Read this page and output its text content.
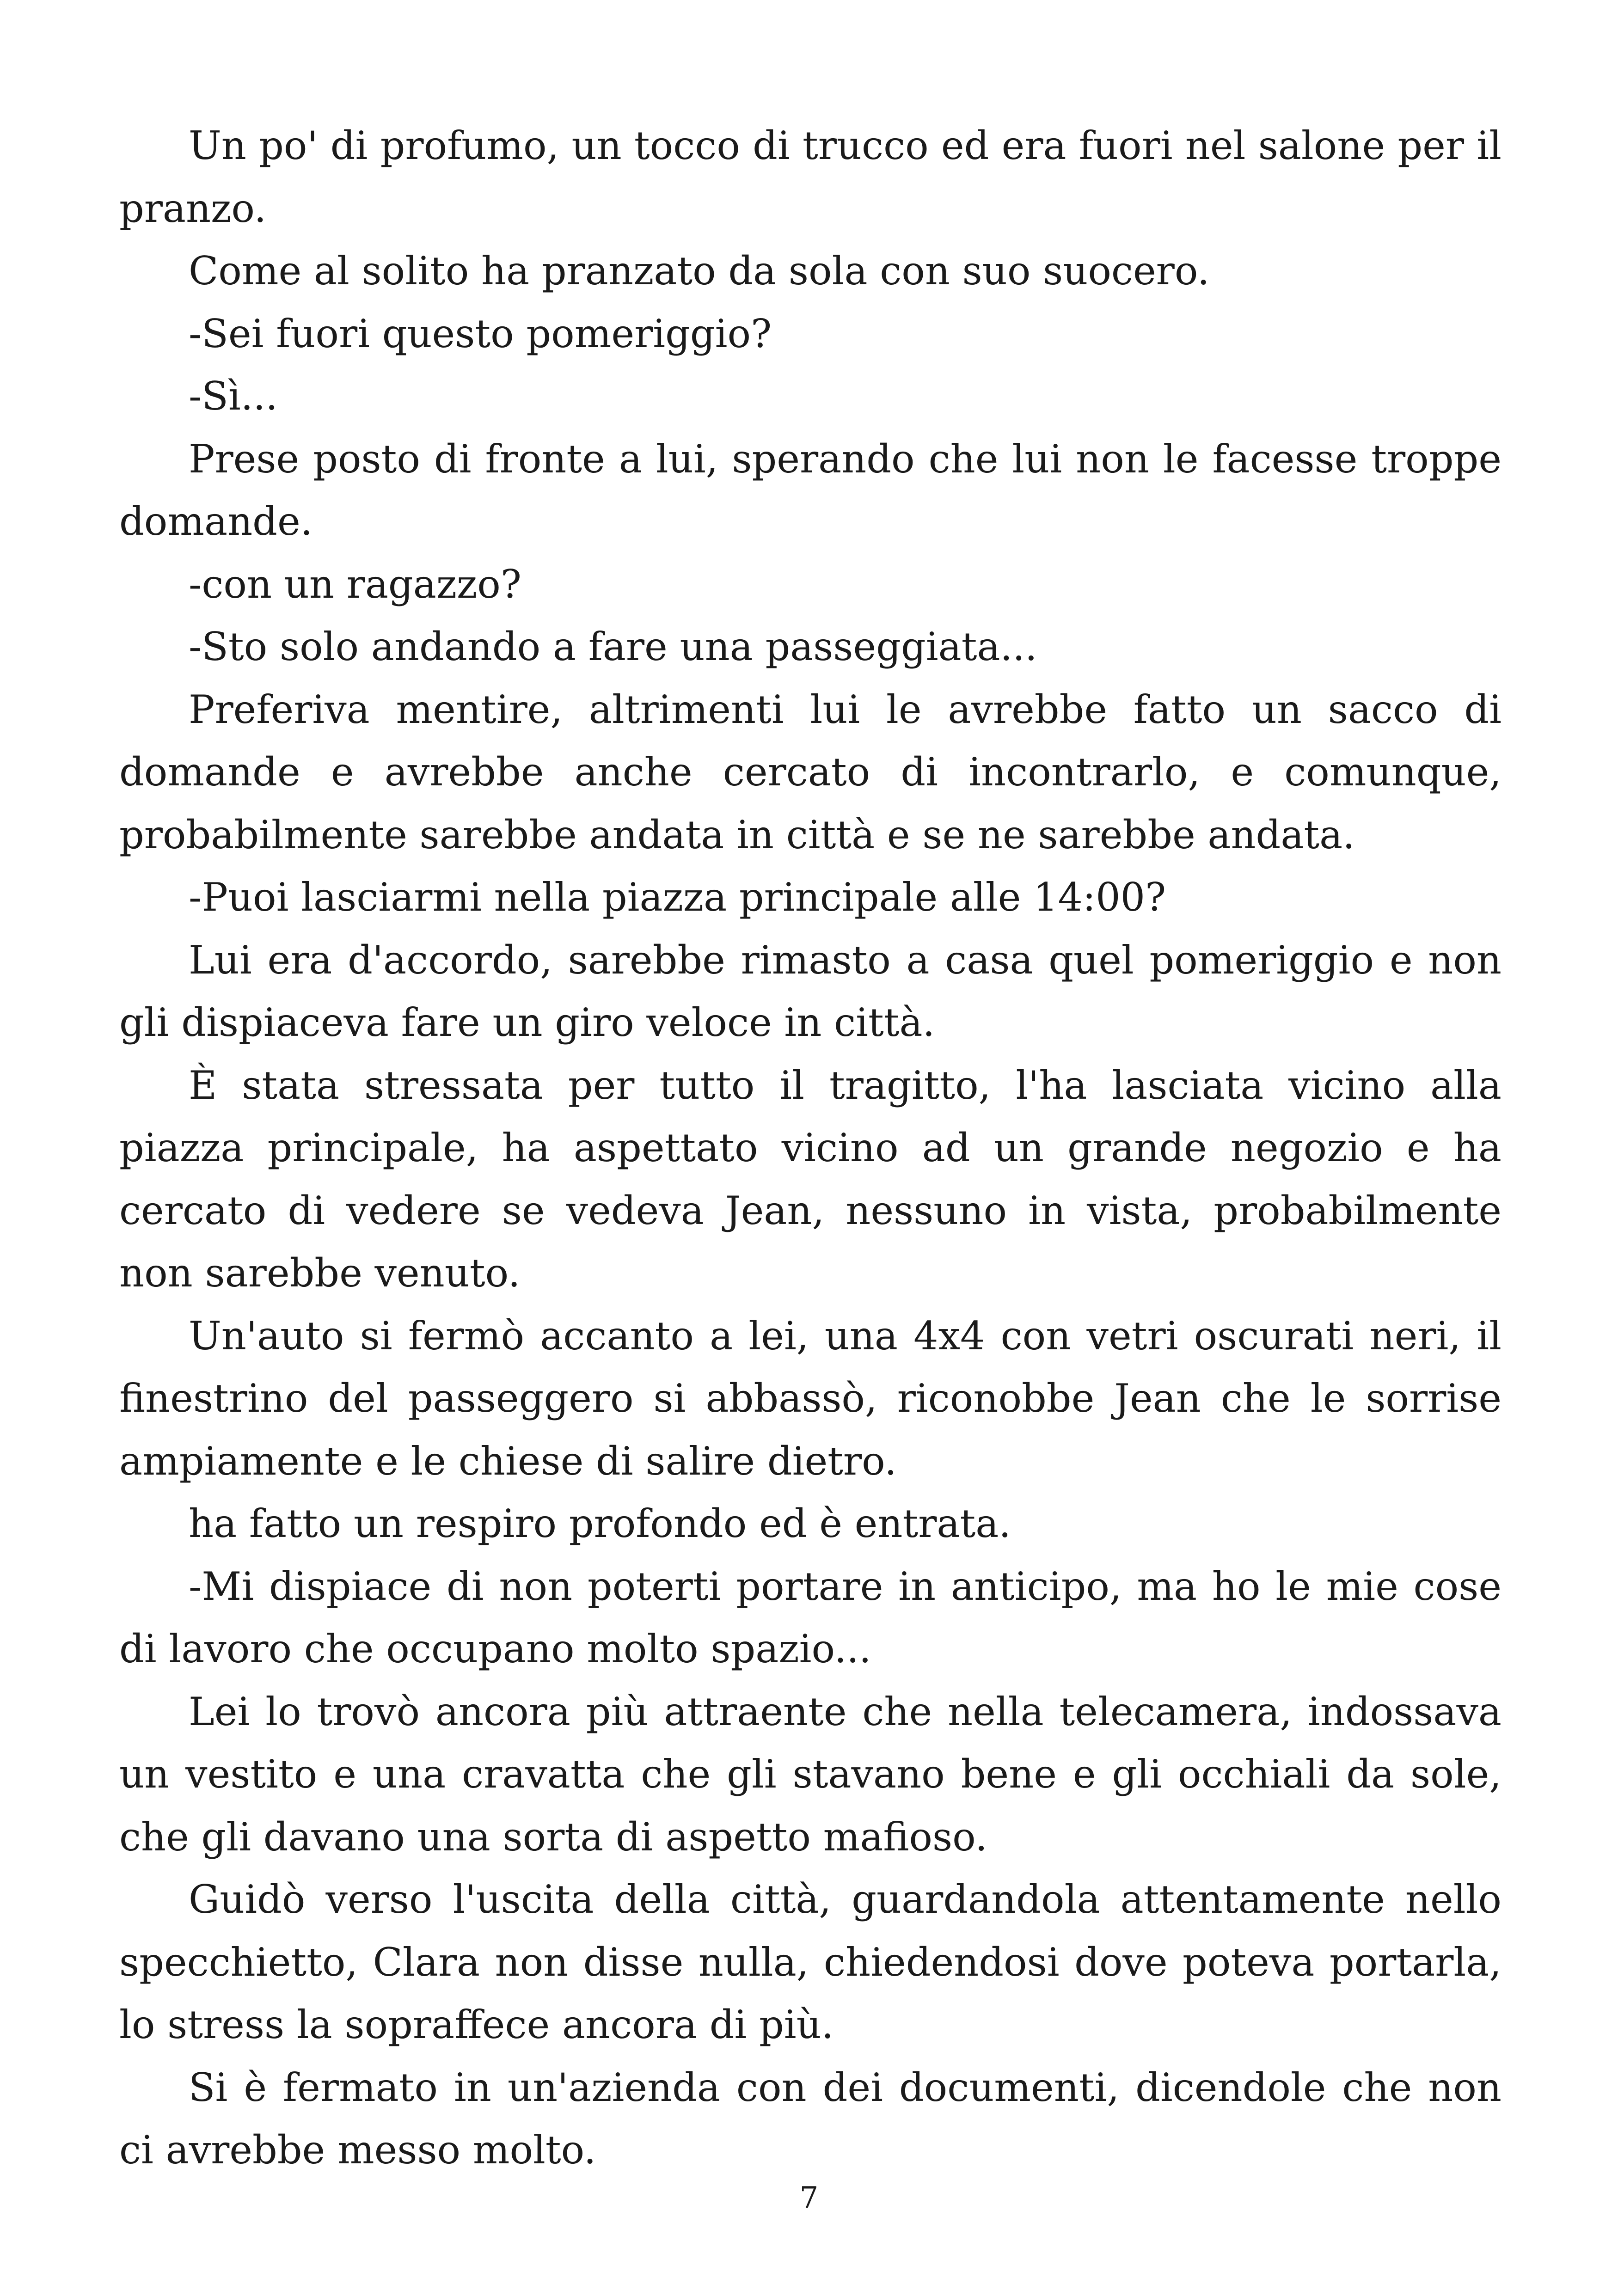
Un po' di profumo, un tocco di trucco ed era fuori nel salone per il pranzo.

Come al solito ha pranzato da sola con suo suocero.

-Sei fuori questo pomeriggio?

-Sì...

Prese posto di fronte a lui, sperando che lui non le facesse troppe domande.

-con un ragazzo?

-Sto solo andando a fare una passeggiata...

Preferiva mentire, altrimenti lui le avrebbe fatto un sacco di domande e avrebbe anche cercato di incontrarlo, e comunque, probabilmente sarebbe andata in città e se ne sarebbe andata.

-Puoi lasciarmi nella piazza principale alle 14:00?

Lui era d'accordo, sarebbe rimasto a casa quel pomeriggio e non gli dispiaceva fare un giro veloce in città.

È stata stressata per tutto il tragitto, l'ha lasciata vicino alla piazza principale, ha aspettato vicino ad un grande negozio e ha cercato di vedere se vedeva Jean, nessuno in vista, probabilmente non sarebbe venuto.

Un'auto si fermò accanto a lei, una 4x4 con vetri oscurati neri, il finestrino del passeggero si abbassò, riconobbe Jean che le sorrise ampiamente e le chiese di salire dietro.

ha fatto un respiro profondo ed è entrata.

-Mi dispiace di non poterti portare in anticipo, ma ho le mie cose di lavoro che occupano molto spazio...

Lei lo trovò ancora più attraente che nella telecamera, indossava un vestito e una cravatta che gli stavano bene e gli occhiali da sole, che gli davano una sorta di aspetto mafioso.

Guidò verso l'uscita della città, guardandola attentamente nello specchietto, Clara non disse nulla, chiedendosi dove poteva portarla, lo stress la sopraffece ancora di più.

Si è fermato in un'azienda con dei documenti, dicendole che non ci avrebbe messo molto.

7
